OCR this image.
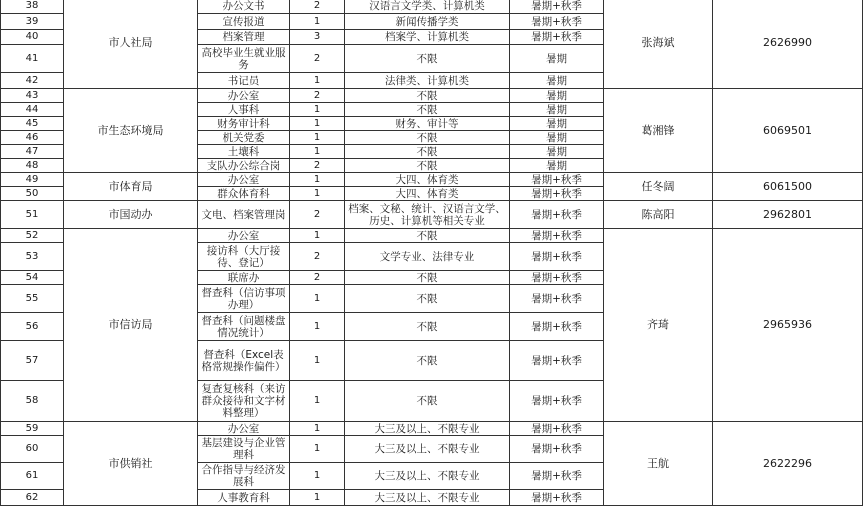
38	市人社局	办公文书	2	汉语言文学类、计算机类	暑期+秋季	张海斌	2626990
39		宣传报道	1	新闻传播学类	暑期+秋季		
40		档案管理	3	档案学、计算机类	暑期+秋季		
41		高校毕业生就业服务	2	不限	暑期		
42		书记员	1	法律类、计算机类	暑期		
43	市生态环境局	办公室	2	不限	暑期	葛湘锋	6069501
44		人事科	1	不限	暑期		
45		财务审计科	1	财务、审计等	暑期		
46		机关党委	1	不限	暑期		
47		土壤科	1	不限	暑期		
48		支队办公综合岗	2	不限	暑期		
49	市体育局	办公室	1	大四、体育类	暑期+秋季	任冬阔	6061500
50		群众体育科	1	大四、体育类	暑期+秋季		
51	市国动办	文电、档案管理岗	2	档案、文秘、统计、汉语言文学、历史、计算机等相关专业	暑期+秋季	陈高阳	2962801
52	市信访局	办公室	1	不限	暑期+秋季	齐琦	2965936
53		接访科（大厅接待、登记）	2	文学专业、法律专业	暑期+秋季		
54		联席办	2	不限	暑期+秋季		
55		督查科（信访事项办理）	1	不限	暑期+秋季		
56		督查科（问题楼盘情况统计）	1	不限	暑期+秋季		
57		督查科（Excel表格常规操作偏件）	1	不限	暑期+秋季		
58		复查复核科（来访群众接待和文字材料整理）	1	不限	暑期+秋季		
59	市供销社	办公室	1	大三及以上、不限专业	暑期+秋季	王航	2622296
60		基层建设与企业管理科	1	大三及以上、不限专业	暑期+秋季		
61		合作指导与经济发展科	1	大三及以上、不限专业	暑期+秋季		
62		人事教育科	1	大三及以上、不限专业	暑期+秋季		
